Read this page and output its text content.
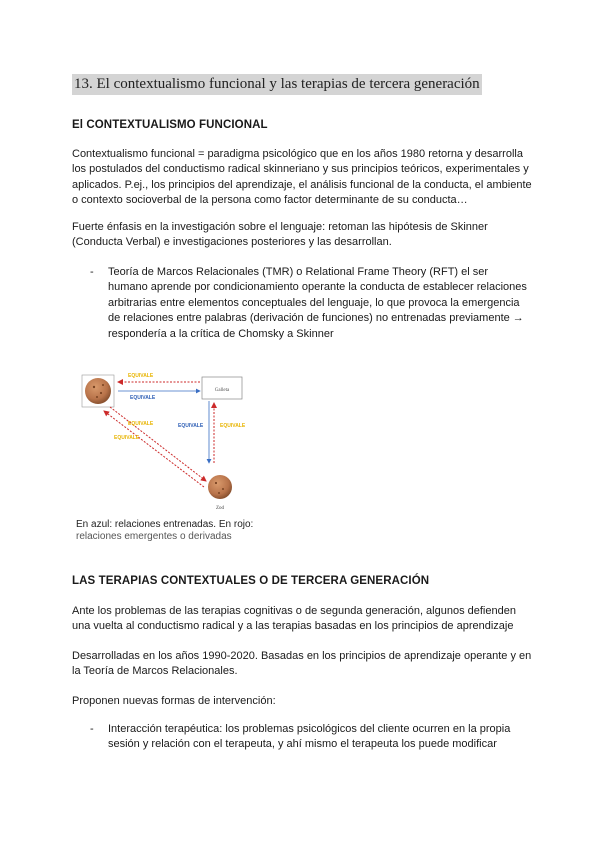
13. El contextualismo funcional y las terapias de tercera generación
El CONTEXTUALISMO FUNCIONAL
Contextualismo funcional = paradigma psicológico que en los años 1980 retorna y desarrolla los postulados del conductismo radical skinneriano y sus principios teóricos, experimentales y aplicados. P.ej., los principios del aprendizaje, el análisis funcional de la conducta, el ambiente o contexto socioverbal de la persona como factor determinante de su conducta…
Fuerte énfasis en la investigación sobre el lenguaje: retoman las hipótesis de Skinner (Conducta Verbal) e investigaciones posteriores y las desarrollan.
- Teoría de Marcos Relacionales (TMR) o Relational Frame Theory (RFT) el ser humano aprende por condicionamiento operante la conducta de establecer relaciones arbitrarias entre elementos conceptuales del lenguaje, lo que provoca la emergencia de relaciones entre palabras (derivación de funciones) no entrenadas previamente → respondería a la crítica de Chomsky a Skinner
Galleta
EQUIVALE
EQUIVALE
EQUIVALE	EQUIVALE
EQUIVALE
EQUIVALE
Zod
En azul: relaciones entrenadas. En rojo:
relaciones emergentes o derivadas
LAS TERAPIAS CONTEXTUALES O DE TERCERA GENERACIÓN
Ante los problemas de las terapias cognitivas o de segunda generación, algunos defienden una vuelta al conductismo radical y a las terapias basadas en los principios de aprendizaje
Desarrolladas en los años 1990-2020. Basadas en los principios de aprendizaje operante y en la Teoría de Marcos Relacionales.
Proponen nuevas formas de intervención:
- Interacción terapéutica: los problemas psicológicos del cliente ocurren en la propia sesión y relación con el terapeuta, y ahí mismo el terapeuta los puede modificar
